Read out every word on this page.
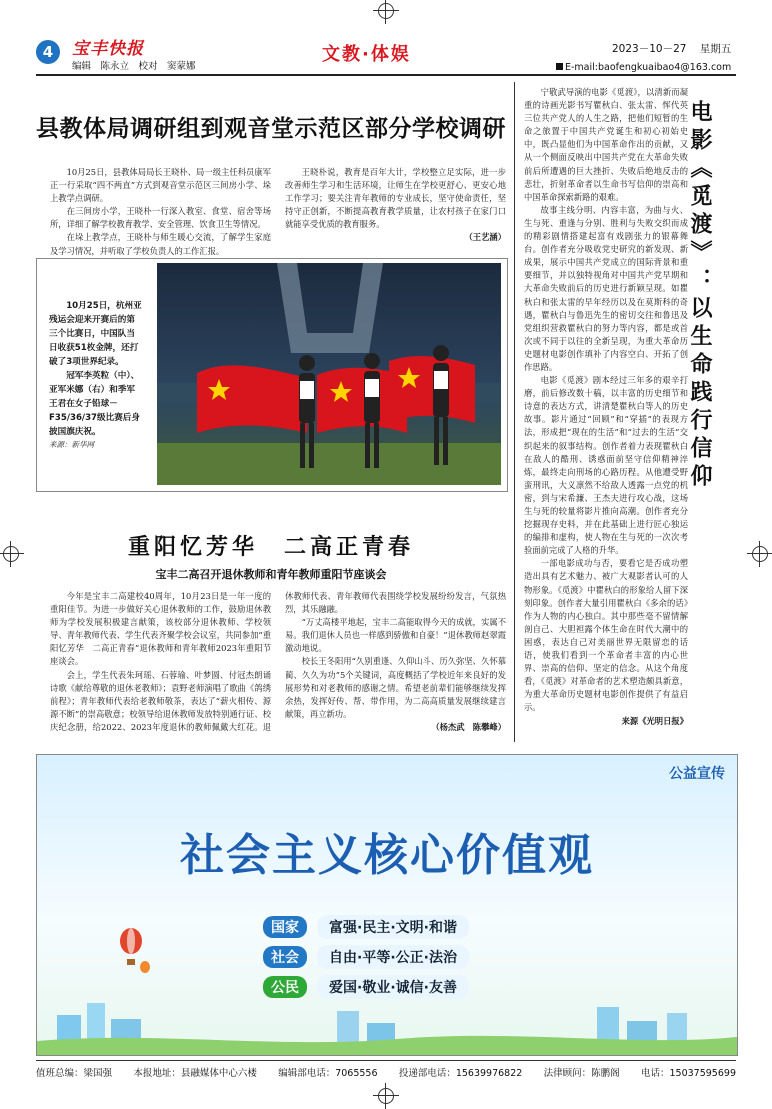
4	宝丰快报
编辑　陈永立　校对　窦蒙娜
文教·体娱	2023－10－27 星期五
E-mail:baofengkuaibao4@163.com
县教体局调研组到观音堂示范区部分学校调研

10月25日，县教体局局长王晓朴、局一级主任科员康军正一行采取“四不两直”方式到观音堂示范区三间房小学、垛上教学点调研。

在三间房小学，王晓朴一行深入教室、食堂、宿舍等场所，详细了解学校教育教学、安全管理、饮食卫生等情况。

在垛上教学点，王晓朴与师生暖心交流，了解学生家庭及学习情况，并听取了学校负责人的工作汇报。

王晓朴说，教育是百年大计，学校整立足实际，进一步改善师生学习和生活环境，让师生在学校更舒心、更安心地工作学习；要关注青年教师的专业成长，坚守使命责任，坚持守正创新，不断提高教育教学质量，让农村孩子在家门口就能享受优质的教育服务。

（王艺涵）

10月25日，杭州亚残运会迎来开赛后的第三个比赛日，中国队当日收获51枚金牌，还打破了3项世界纪录。

冠军李英粒（中）、亚军米娜（右）和季军王君在女子铅球－F35/36/37级比赛后身披国旗庆祝。

来源：新华网

重阳忆芳华　二高正青春
宝丰二高召开退休教师和青年教师重阳节座谈会

今年是宝丰二高建校40周年，10月23日是一年一度的重阳佳节。为进一步做好关心退休教师的工作，鼓励退休教师为学校发展积极建言献策，该校部分退休教师、学校领导、青年教师代表、学生代表齐聚学校会议室，共同参加“重阳忆芳华　二高正青春”退休教师和青年教师2023年重阳节座谈会。

会上，学生代表朱珂瑶、石蓉瑜、叶梦圆、付冠杰朗诵诗歌《献给尊敬的退休老教师》；袁野老师演唱了歌曲《鸽绣前程》；青年教师代表给老教师敬茶，表达了“薪火相传、源源不断”的崇高敬意；校领导给退休教师发放特别通行证、校庆纪念册，给2022、2023年度退休的教师佩戴大红花。退休教师代表、青年教师代表围绕学校发展纷纷发言，气氛热烈，其乐融融。

“万丈高楼平地起，宝丰二高能取得今天的成就，实属不易。我们退休人员也一样感到骄傲和自豪！”退休教师赵翠霞激动地说。

校长王冬阳用“久别重逢、久仰山斗、历久弥坚、久怀慕蔺、久久为功”5个关键词，高度概括了学校近年来良好的发展形势和对老教师的感谢之情。希望老前辈们能够继续发挥余热，发挥好传、帮、带作用，为二高高质量发展继续建言献策，再立新功。

（杨杰武　陈攀峰）

宁敬武导演的电影《觅渡》，以清新而凝重的诗画光影书写瞿秋白、张太雷、恽代英三位共产党人的人生之路，把他们短暂的生命之旅置于中国共产党诞生和初心初始史中，既凸显他们为中国革命作出的贡献，又从一个侧面反映出中国共产党在大革命失败前后所遭遇的巨大挫折、失败后绝地反击的悲壮，折射革命者以生命书写信仰的崇高和中国革命探索新路的艰难。

故事主线分明、内容丰富，为曲与火、生与死、重逢与分别、胜利与失败交织而成的精彩剧情搭建起富有戏剧张力的银幕舞台。创作者充分吸收党史研究的新发现、新成果，展示中国共产党成立的国际背景和重要细节，并以独特视角对中国共产党早期和大革命失败前后的历史进行新颖呈现。如瞿秋白和张太雷的早年经历以及在莫斯科的奇遇，瞿秋白与鲁迅先生的密切交往和鲁迅及党组织营救瞿秋白的努力等内容，都是或首次或不同于以往的全新呈现，为重大革命历史题材电影创作填补了内容空白、开拓了创作思路。

电影《觅渡》剧本经过三年多的艰辛打磨，前后修改数十稿，以丰富的历史细节和诗意的表达方式，讲清楚瞿秋白等人的历史故事。影片通过“回顾”和“穿插”的表现方法，形成把“现在的生活”和“过去的生活”交织起来的叙事结构。创作者着力表现瞿秋白在敌人的酷刑、诱惑面前坚守信仰精神淬炼，最终走向刑场的心路历程。从他遭受野蛮刑讯，大义凛然不给敌人透露一点党的机密，到与宋希濂、王杰夫进行攻心战，这场生与死的较量将影片推向高潮。创作者充分挖掘现存史料，并在此基础上进行匠心独运的编排和虚构，使人物在生与死的一次次考验面前完成了人格的升华。

一部电影成功与否，要看它是否成功塑造出具有艺术魅力、被广大观影者认可的人物形象。《觅渡》中瞿秋白的形象给人留下深刻印象。创作者大量引用瞿秋白《多余的话》作为人物的内心独白。其中那些毫不留情解剖自己、大胆袒露个体生命在时代大潮中的困惑，表达自己对美丽世界无限留恋的话语，使我们看到一个革命者丰富的内心世界、崇高的信仰、坚定的信念。从这个角度看，《觅渡》对革命者的艺术塑造颇具新意，为重大革命历史题材电影创作提供了有益启示。

来源《光明日报》

电影《觅渡》：以生命践行信仰
公益宣传
社会主义核心价值观
国家	富强·民主·文明·和谐
社会	自由·平等·公正·法治
公民	爱国·敬业·诚信·友善
值班总编：梁国强 本报地址：县融媒体中心六楼 编辑部电话：7065556 投递部电话：15639976822 法律顾问：陈鹏阁 电话：15037595699
